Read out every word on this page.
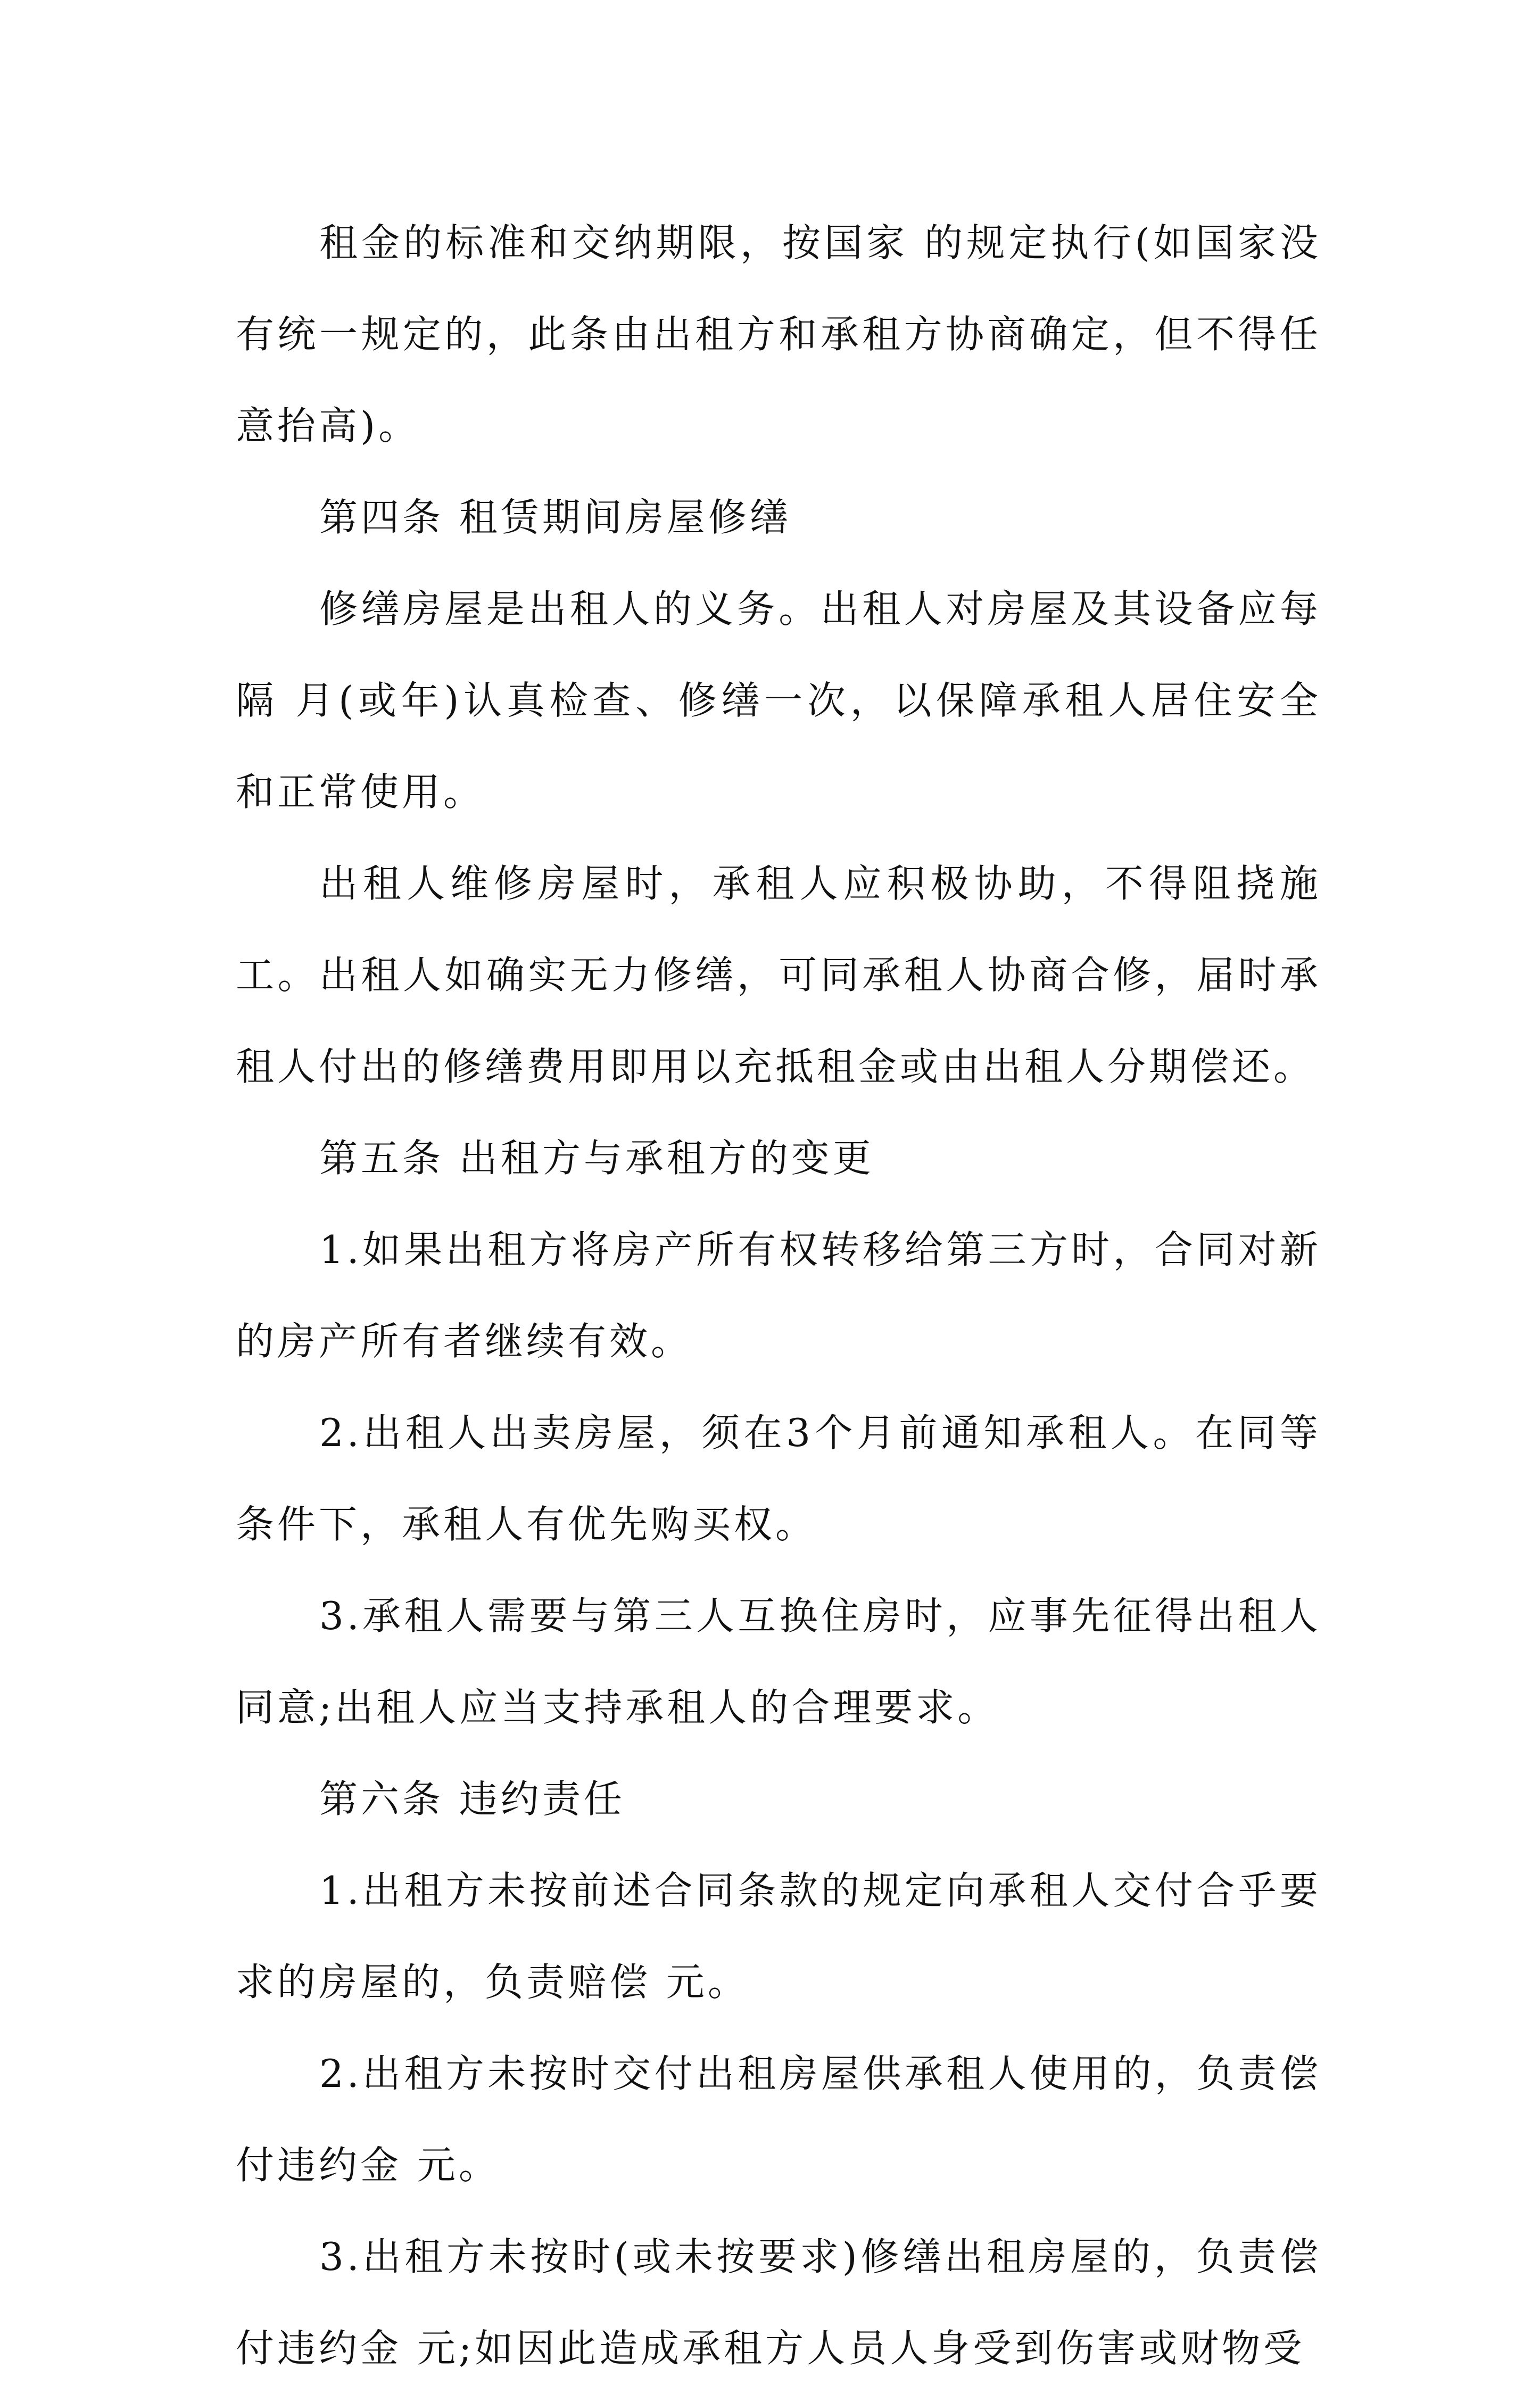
租金的标准和交纳期限，按国家 的规定执行(如国家没有统一规定的，此条由出租方和承租方协商确定，但不得任意抬高)。

第四条 租赁期间房屋修缮

修缮房屋是出租人的义务。出租人对房屋及其设备应每隔 月(或年)认真检查、修缮一次，以保障承租人居住安全和正常使用。

出租人维修房屋时，承租人应积极协助，不得阻挠施工。出租人如确实无力修缮，可同承租人协商合修，届时承租人付出的修缮费用即用以充抵租金或由出租人分期偿还。

第五条 出租方与承租方的变更

1.如果出租方将房产所有权转移给第三方时，合同对新的房产所有者继续有效。

2.出租人出卖房屋，须在3个月前通知承租人。在同等条件下，承租人有优先购买权。

3.承租人需要与第三人互换住房时，应事先征得出租人同意;出租人应当支持承租人的合理要求。

第六条 违约责任

1.出租方未按前述合同条款的规定向承租人交付合乎要求的房屋的，负责赔偿 元。

2.出租方未按时交付出租房屋供承租人使用的，负责偿付违约金 元。

3.出租方未按时(或未按要求)修缮出租房屋的，负责偿付违约金 元;如因此造成承租方人员人身受到伤害或财物受
